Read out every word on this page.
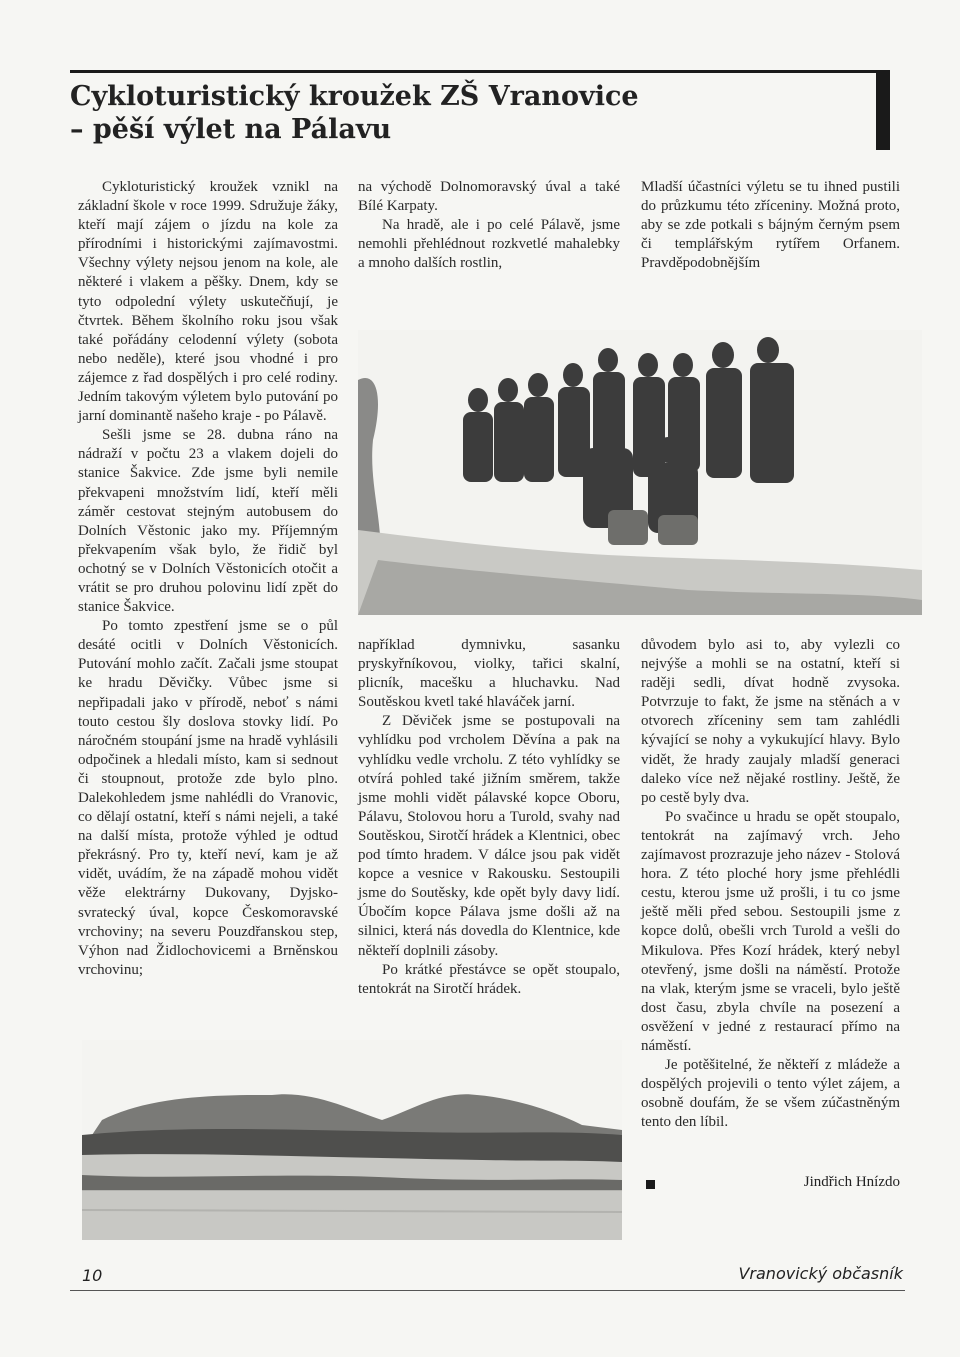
Cykloturistický kroužek ZŠ Vranovice
– pěší výlet na Pálavu

Cykloturistický kroužek vznikl na základní škole v roce 1999. Sdružuje žáky, kteří mají zájem o jízdu na kole za přírodními i historickými zajímavostmi. Všechny výlety nejsou jenom na kole, ale některé i vlakem a pěšky. Dnem, kdy se tyto odpolední výlety uskutečňují, je čtvrtek. Během školního roku jsou však také pořádány celodenní výlety (sobota nebo neděle), které jsou vhodné i pro zájemce z řad dospělých i pro celé rodiny. Jedním takovým výletem bylo putování po jarní dominantě našeho kraje - po Pálavě.

Sešli jsme se 28. dubna ráno na nádraží v počtu 23 a vlakem dojeli do stanice Šakvice. Zde jsme byli nemile překvapeni množstvím lidí, kteří měli záměr cestovat stejným autobusem do Dolních Věstonic jako my. Příjemným překvapením však bylo, že řidič byl ochotný se v Dolních Věstonicích otočit a vrátit se pro druhou polovinu lidí zpět do stanice Šakvice.

Po tomto zpestření jsme se o půl desáté ocitli v Dolních Věstonicích. Putování mohlo začít. Začali jsme stoupat ke hradu Děvičky. Vůbec jsme si nepřipadali jako v přírodě, neboť s námi touto cestou šly doslova stovky lidí. Po náročném stoupání jsme na hradě vyhlásili odpočinek a hledali místo, kam si sednout či stoupnout, protože zde bylo plno. Dalekohledem jsme nahlédli do Vranovic, co dělají ostatní, kteří s námi nejeli, a také na další místa, protože výhled je odtud překrásný. Pro ty, kteří neví, kam je až vidět, uvádím, že na západě mohou vidět věže elektrárny Dukovany, Dyjsko-svratecký úval, kopce Českomoravské vrchoviny; na severu Pouzdřanskou step, Výhon nad Židlochovicemi a Brněnskou vrchovinu;

na východě Dolnomoravský úval a také Bílé Karpaty.

Na hradě, ale i po celé Pálavě, jsme nemohli přehlédnout rozkvetlé mahalebky a mnoho dalších rostlin,

Mladší účastníci výletu se tu ihned pustili do průzkumu této zříceniny. Možná proto, aby se zde potkali s bájným černým psem či templářským rytířem Orfanem. Pravděpodobnějším

například dymnivku, sasanku pryskyřníkovou, violky, tařici skalní, plicník, macešku a hluchavku. Nad Soutěskou kvetl také hlaváček jarní.

Z Děviček jsme se postupovali na vyhlídku pod vrcholem Děvína a pak na vyhlídku vedle vrcholu. Z této vyhlídky se otvírá pohled také jižním směrem, takže jsme mohli vidět pálavské kopce Oboru, Pálavu, Stolovou horu a Turold, svahy nad Soutěskou, Sirotčí hrádek a Klentnici, obec pod tímto hradem. V dálce jsou pak vidět kopce a vesnice v Rakousku. Sestoupili jsme do Soutěsky, kde opět byly davy lidí. Úbočím kopce Pálava jsme došli až na silnici, která nás dovedla do Klentnice, kde někteří doplnili zásoby.

Po krátké přestávce se opět stoupalo, tentokrát na Sirotčí hrádek.

důvodem bylo asi to, aby vylezli co nejvýše a mohli se na ostatní, kteří si raději sedli, dívat hodně zvysoka. Potvrzuje to fakt, že jsme na stěnách a v otvorech zříceniny sem tam zahlédli kývající se nohy a vykukující hlavy. Bylo vidět, že hrady zaujaly mladší generaci daleko více než nějaké rostliny. Ještě, že po cestě byly dva.

Po svačince u hradu se opět stoupalo, tentokrát na zajímavý vrch. Jeho zajímavost prozrazuje jeho název - Stolová hora. Z této ploché hory jsme přehlédli cestu, kterou jsme už prošli, i tu co jsme ještě měli před sebou. Sestoupili jsme z kopce dolů, obešli vrch Turold a vešli do Mikulova. Přes Kozí hrádek, který nebyl otevřený, jsme došli na náměstí. Protože na vlak, kterým jsme se vraceli, bylo ještě dost času, zbyla chvíle na posezení a osvěžení v jedné z restaurací přímo na náměstí.

Je potěšitelné, že někteří z mládeže a dospělých projevili o tento výlet zájem, a osobně doufám, že se všem zúčastněným tento den líbil.

Jindřich Hnízdo
10	Vranovický občasník
